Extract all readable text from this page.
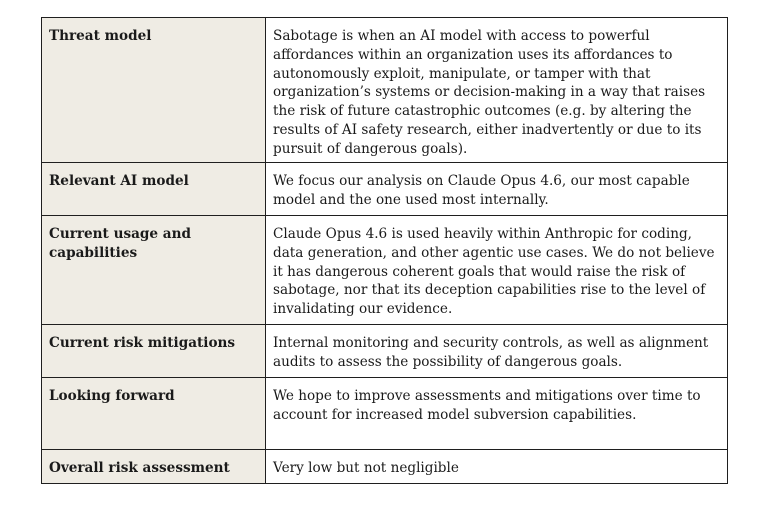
Threat model	Sabotage is when an AI model with access to powerful affordances within an organization uses its affordances to autonomously exploit, manipulate, or tamper with that organization’s systems or decision-making in a way that raises the risk of future catastrophic outcomes (e.g. by altering the results of AI safety research, either inadvertently or due to its pursuit of dangerous goals).
Relevant AI model	We focus our analysis on Claude Opus 4.6, our most capable model and the one used most internally.
Current usage and capabilities	Claude Opus 4.6 is used heavily within Anthropic for coding, data generation, and other agentic use cases. We do not believe it has dangerous coherent goals that would raise the risk of sabotage, nor that its deception capabilities rise to the level of invalidating our evidence.
Current risk mitigations	Internal monitoring and security controls, as well as alignment audits to assess the possibility of dangerous goals.
Looking forward	We hope to improve assessments and mitigations over time to account for increased model subversion capabilities.
Overall risk assessment	Very low but not negligible
